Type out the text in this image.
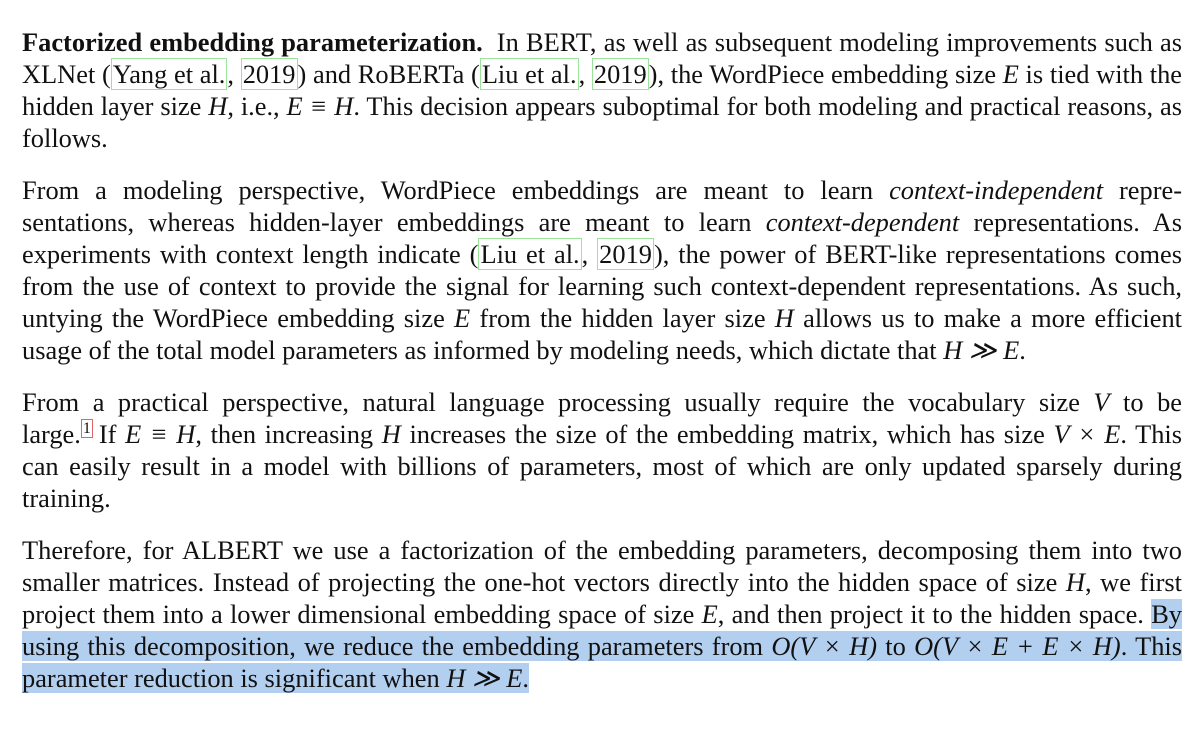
Factorized embedding parameterization. In BERT, as well as subsequent modeling improvements such as XLNet (Yang et al., 2019) and RoBERTa (Liu et al., 2019), the WordPiece embedding size E is tied with the hidden layer size H, i.e., E ≡ H. This decision appears suboptimal for both modeling and practical reasons, as follows.

From a modeling perspective, WordPiece embeddings are meant to learn context-independent representations, whereas hidden-layer embeddings are meant to learn context-dependent representations. As experiments with context length indicate (Liu et al., 2019), the power of BERT-like representations comes from the use of context to provide the signal for learning such context-dependent representations. As such, untying the WordPiece embedding size E from the hidden layer size H allows us to make a more efficient usage of the total model parameters as informed by modeling needs, which dictate that H ≫ E.

From a practical perspective, natural language processing usually require the vocabulary size V to be large. $^1$ If E ≡ H, then increasing H increases the size of the embedding matrix, which has size V × E. This can easily result in a model with billions of parameters, most of which are only updated sparsely during training.

Therefore, for ALBERT we use a factorization of the embedding parameters, decomposing them into two smaller matrices. Instead of projecting the one-hot vectors directly into the hidden space of size H, we first project them into a lower dimensional embedding space of size E, and then project it to the hidden space. By using this decomposition, we reduce the embedding parameters from O(V × H) to O(V × E + E × H). This parameter reduction is significant when H ≫ E.
